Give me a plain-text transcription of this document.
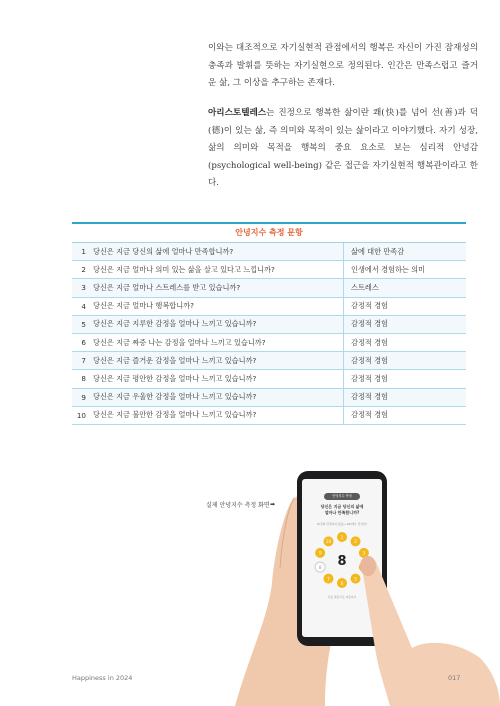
이와는 대조적으로 자기실현적 관점에서의 행복은 자신이 가진 잠재성의 충족과 발휘를 뜻하는 자기실현으로 정의된다. 인간은 만족스럽고 즐거운 삶, 그 이상을 추구하는 존재다.

아리스토텔레스는 진정으로 행복한 삶이란 쾌(快)를 넘어 선(善)과 덕(德)이 있는 삶, 즉 의미와 목적이 있는 삶이라고 이야기했다. 자기 성장, 삶의 의미와 목적을 행복의 중요 요소로 보는 심리적 안녕감(psychological well-being) 같은 접근을 자기실현적 행복관이라고 한다.

안녕지수 측정 문항
1	당신은 지금 당신의 삶에 얼마나 만족합니까?		삶에 대한 만족감
2	당신은 지금 얼마나 의미 있는 삶을 살고 있다고 느낍니까?		인생에서 경험하는 의미
3	당신은 지금 얼마나 스트레스를 받고 있습니까?		스트레스
4	당신은 지금 얼마나 행복합니까?		감정적 경험
5	당신은 지금 지루한 감정을 얼마나 느끼고 있습니까?		감정적 경험
6	당신은 지금 짜증 나는 감정을 얼마나 느끼고 있습니까?		감정적 경험
7	당신은 지금 즐거운 감정을 얼마나 느끼고 있습니까?		감정적 경험
8	당신은 지금 평안한 감정을 얼마나 느끼고 있습니까?		감정적 경험
9	당신은 지금 우울한 감정을 얼마나 느끼고 있습니까?		감정적 경험
10	당신은 지금 불안한 감정을 얼마나 느끼고 있습니까?		감정적 경험
실제 안녕지수 측정 화면 ➡
안녕지수 측정
당신은 지금 당신의 삶에
얼마나 만족합니까?
0(전혀 만족하지 않음)~10(매우 만족함)
1
2
3
5
6
7
8
9
10
8
다음 질문으로 이동하기
Happiness in 2024	017
